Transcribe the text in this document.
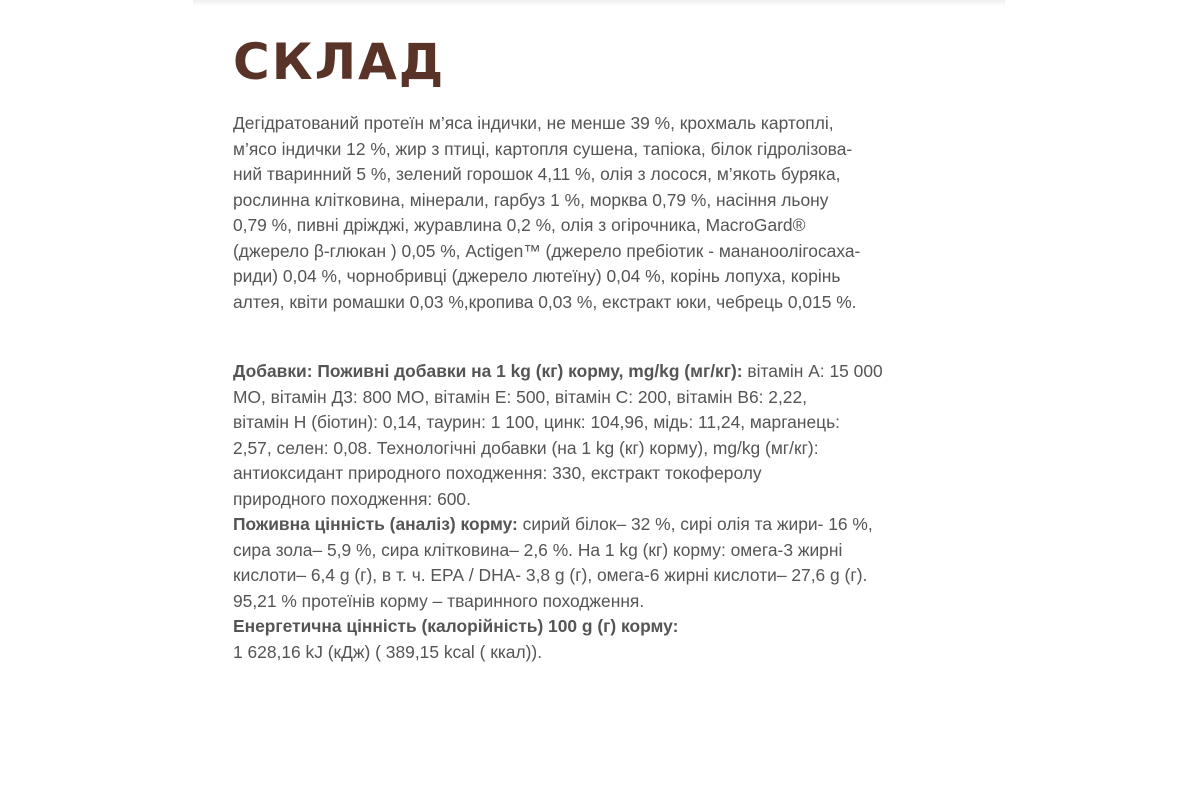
СКЛАД
Дегідратований протеїн м’яса індички, не менше 39 %, крохмаль картоплі,
м’ясо індички 12 %, жир з птиці, картопля сушена, тапіока, білок гідролізова-
ний тваринний 5 %, зелений горошок 4,11 %, олія з лосося, м’якоть буряка,
рослинна клітковина, мінерали, гарбуз 1 %, морква 0,79 %, насіння льону
0,79 %, пивні дріжджі, журавлина 0,2 %, олія з огірочника, MacroGard®
(джерело β-глюкан ) 0,05 %, Actigen™ (джерело пребіотик - мананоолігосаха-
риди) 0,04 %, чорнобривці (джерело лютеїну) 0,04 %, корінь лопуха, корінь
алтея, квіти ромашки 0,03 %,кропива 0,03 %, екстракт юки, чебрець 0,015 %.
Добавки: Поживні добавки на 1 kg (кг) корму, mg/kg (мг/кг): вітамін А: 15 000
МО, вітамін Д3: 800 МО, вітамін Е: 500, вітамін С: 200, вітамін В6: 2,22,
вітамін Н (біотин): 0,14, таурин: 1 100, цинк: 104,96, мідь: 11,24, марганець:
2,57, селен: 0,08. Технологічні добавки (на 1 kg (кг) корму), mg/kg (мг/кг):
антиоксидант природного походження: 330, екстракт токоферолу
природного походження: 600.
Поживна цінність (аналіз) корму: сирий білок– 32 %, сирі олія та жири- 16 %,
сира зола– 5,9 %, сира клітковина– 2,6 %. На 1 kg (кг) корму: омега-3 жирні
кислоти– 6,4 g (г), в т. ч. ЕРА / DHA- 3,8 g (г), омега-6 жирні кислоти– 27,6 g (г).
95,21 % протеїнів корму – тваринного походження.
Енергетична цінність (калорійність) 100 g (г) корму:
1 628,16 kJ (кДж) ( 389,15 kcal ( ккал)).
